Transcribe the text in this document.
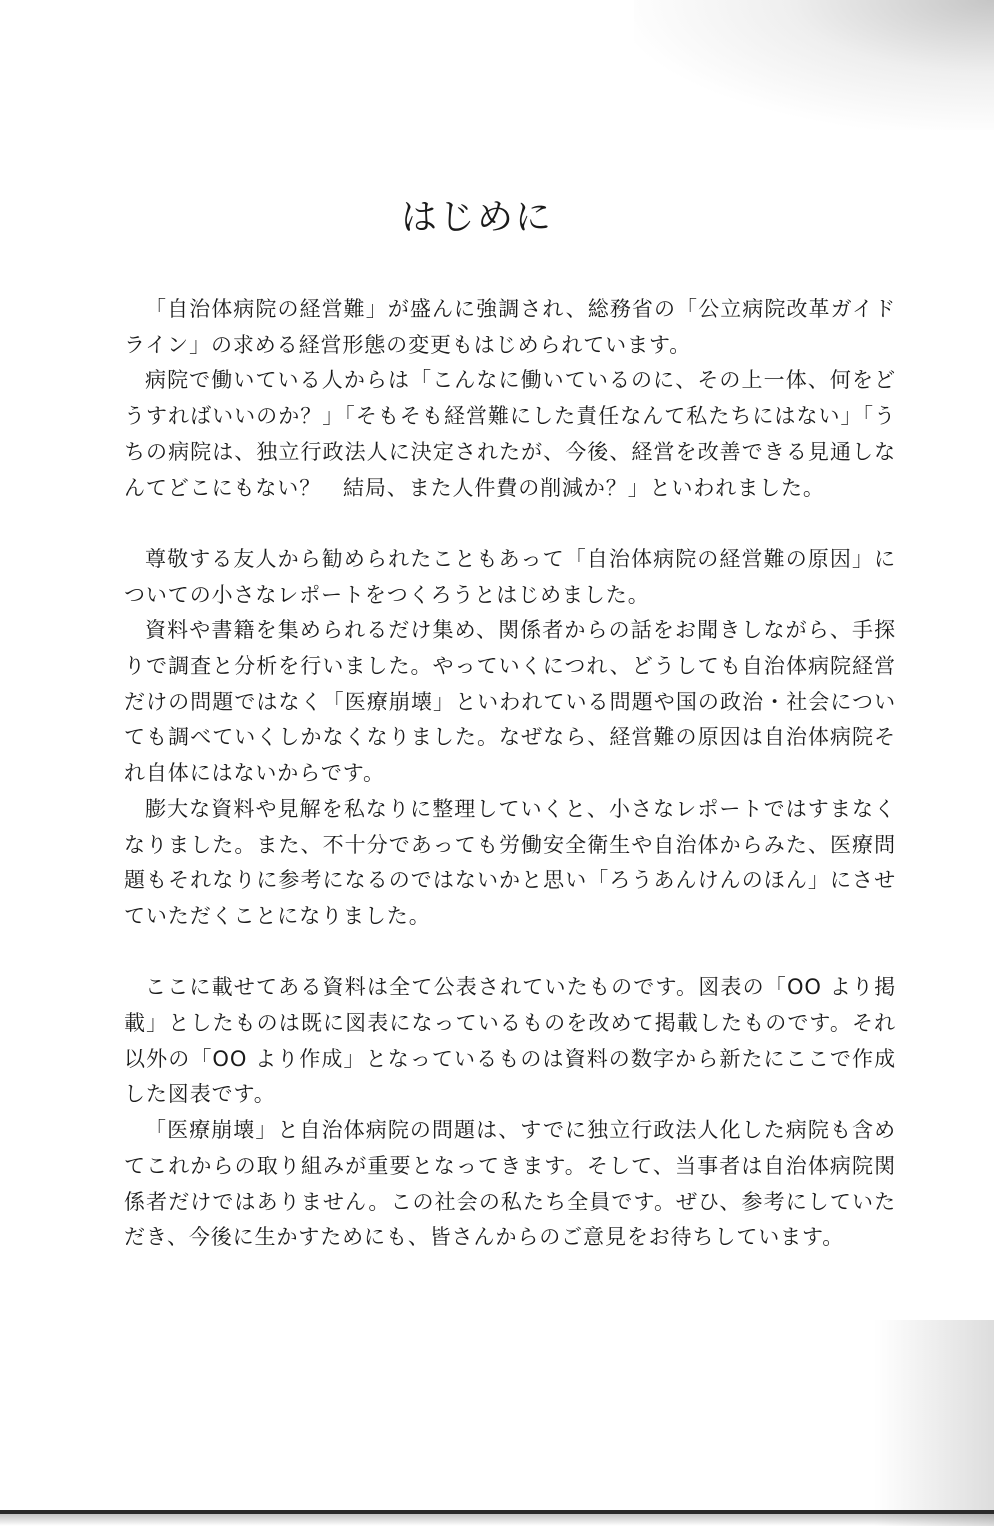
はじめに

「自治体病院の経営難」が盛んに強調され、総務省の「公立病院改革ガイドライン」の求める経営形態の変更もはじめられています。

病院で働いている人からは「こんなに働いているのに、その上一体、何をどうすればいいのか？」「そもそも経営難にした責任なんて私たちにはない」「うちの病院は、独立行政法人に決定されたが、今後、経営を改善できる見通しなんてどこにもない？　結局、また人件費の削減か？」といわれました。

尊敬する友人から勧められたこともあって「自治体病院の経営難の原因」についての小さなレポートをつくろうとはじめました。

資料や書籍を集められるだけ集め、関係者からの話をお聞きしながら、手探りで調査と分析を行いました。やっていくにつれ、どうしても自治体病院経営だけの問題ではなく「医療崩壊」といわれている問題や国の政治・社会についても調べていくしかなくなりました。なぜなら、経営難の原因は自治体病院それ自体にはないからです。

膨大な資料や見解を私なりに整理していくと、小さなレポートではすまなくなりました。また、不十分であっても労働安全衛生や自治体からみた、医療問題もそれなりに参考になるのではないかと思い「ろうあんけんのほん」にさせていただくことになりました。

ここに載せてある資料は全て公表されていたものです。図表の「OO より掲載」としたものは既に図表になっているものを改めて掲載したものです。それ以外の「OO より作成」となっているものは資料の数字から新たにここで作成した図表です。

「医療崩壊」と自治体病院の問題は、すでに独立行政法人化した病院も含めてこれからの取り組みが重要となってきます。そして、当事者は自治体病院関係者だけではありません。この社会の私たち全員です。ぜひ、参考にしていただき、今後に生かすためにも、皆さんからのご意見をお待ちしています。
